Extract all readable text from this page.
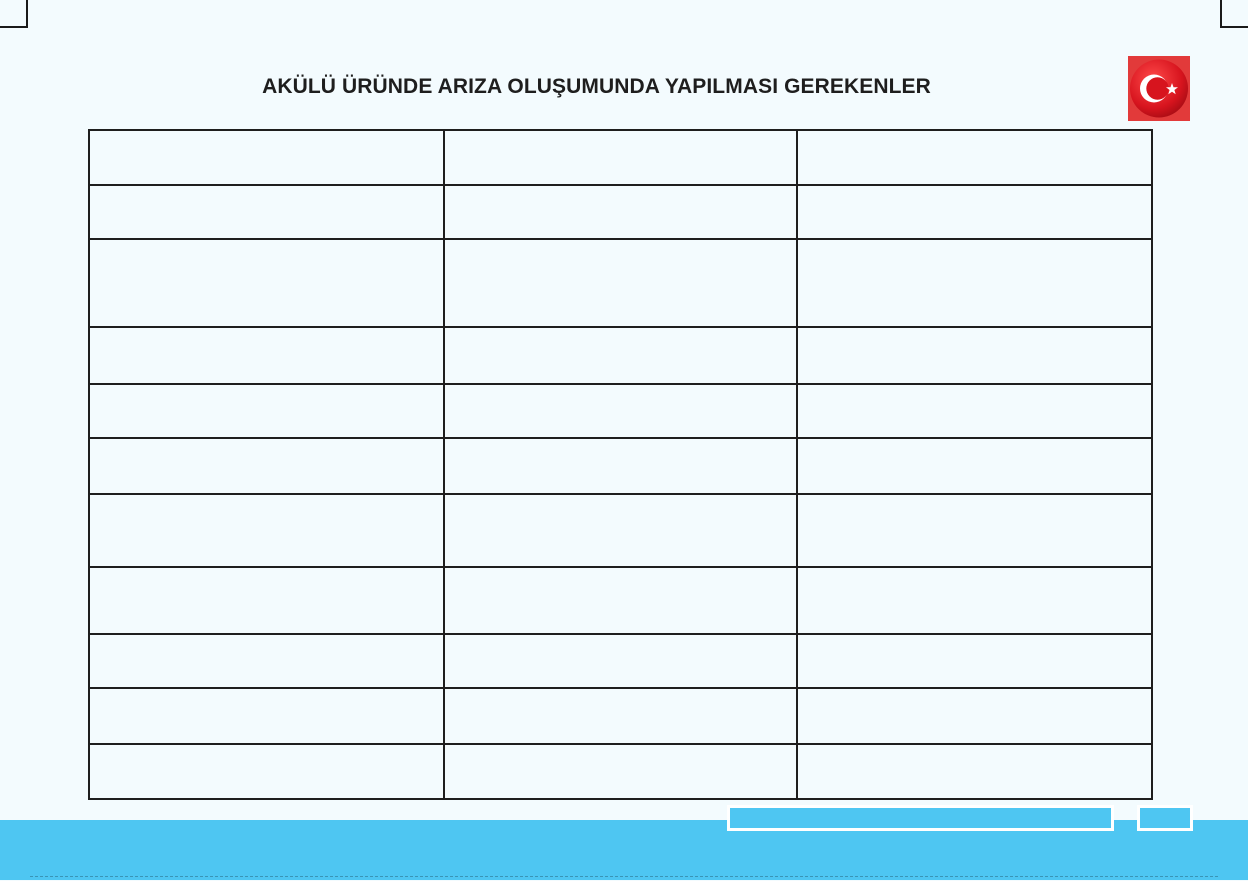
AKÜLÜ ÜRÜNDE ARIZA OLUŞUMUNDA YAPILMASI GEREKENLER
